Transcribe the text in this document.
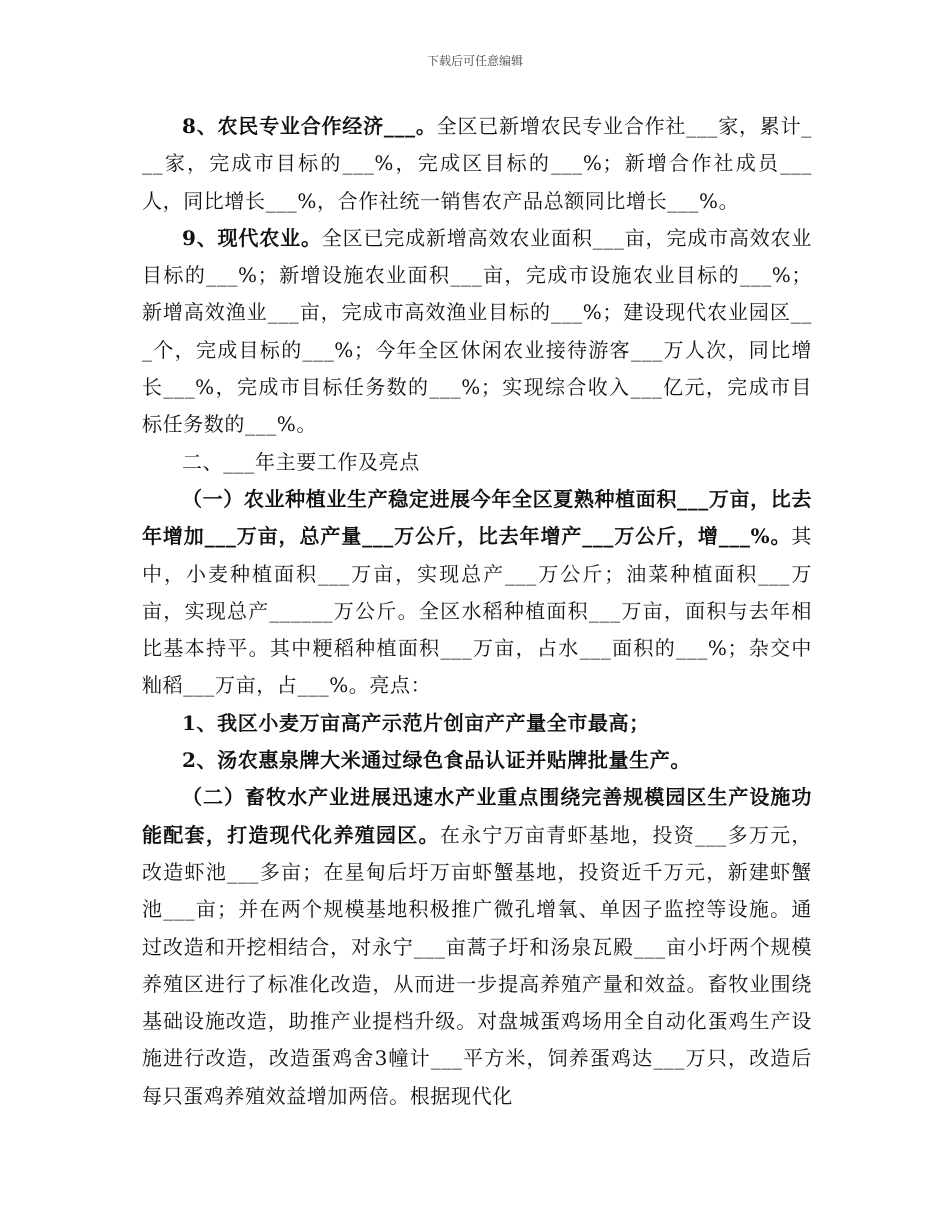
下载后可任意编辑

8、农民专业合作经济___。全区已新增农民专业合作社___家，累计___家，完成市目标的___%，完成区目标的___%；新增合作社成员___人，同比增长___%，合作社统一销售农产品总额同比增长___%。

9、现代农业。全区已完成新增高效农业面积___亩，完成市高效农业目标的___%；新增设施农业面积___亩，完成市设施农业目标的___%；新增高效渔业___亩，完成市高效渔业目标的___%；建设现代农业园区___个，完成目标的___%；今年全区休闲农业接待游客___万人次，同比增长___%，完成市目标任务数的___%；实现综合收入___亿元，完成市目标任务数的___%。

二、___年主要工作及亮点

（一）农业种植业生产稳定进展今年全区夏熟种植面积___万亩，比去年增加___万亩，总产量___万公斤，比去年增产___万公斤，增___%。其中，小麦种植面积___万亩，实现总产___万公斤；油菜种植面积___万亩，实现总产______万公斤。全区水稻种植面积___万亩，面积与去年相比基本持平。其中粳稻种植面积___万亩，占水___面积的___%；杂交中籼稻___万亩，占___%。亮点：

1、我区小麦万亩高产示范片创亩产产量全市最高；

2、汤农惠泉牌大米通过绿色食品认证并贴牌批量生产。

（二）畜牧水产业进展迅速水产业重点围绕完善规模园区生产设施功能配套，打造现代化养殖园区。在永宁万亩青虾基地，投资___多万元，改造虾池___多亩；在星甸后圩万亩虾蟹基地，投资近千万元，新建虾蟹池___亩；并在两个规模基地积极推广微孔增氧、单因子监控等设施。通过改造和开挖相结合，对永宁___亩蒿子圩和汤泉瓦殿___亩小圩两个规模养殖区进行了标准化改造，从而进一步提高养殖产量和效益。畜牧业围绕基础设施改造，助推产业提档升级。对盘城蛋鸡场用全自动化蛋鸡生产设施进行改造，改造蛋鸡舍3幢计___平方米，饲养蛋鸡达___万只，改造后每只蛋鸡养殖效益增加两倍。根据现代化
